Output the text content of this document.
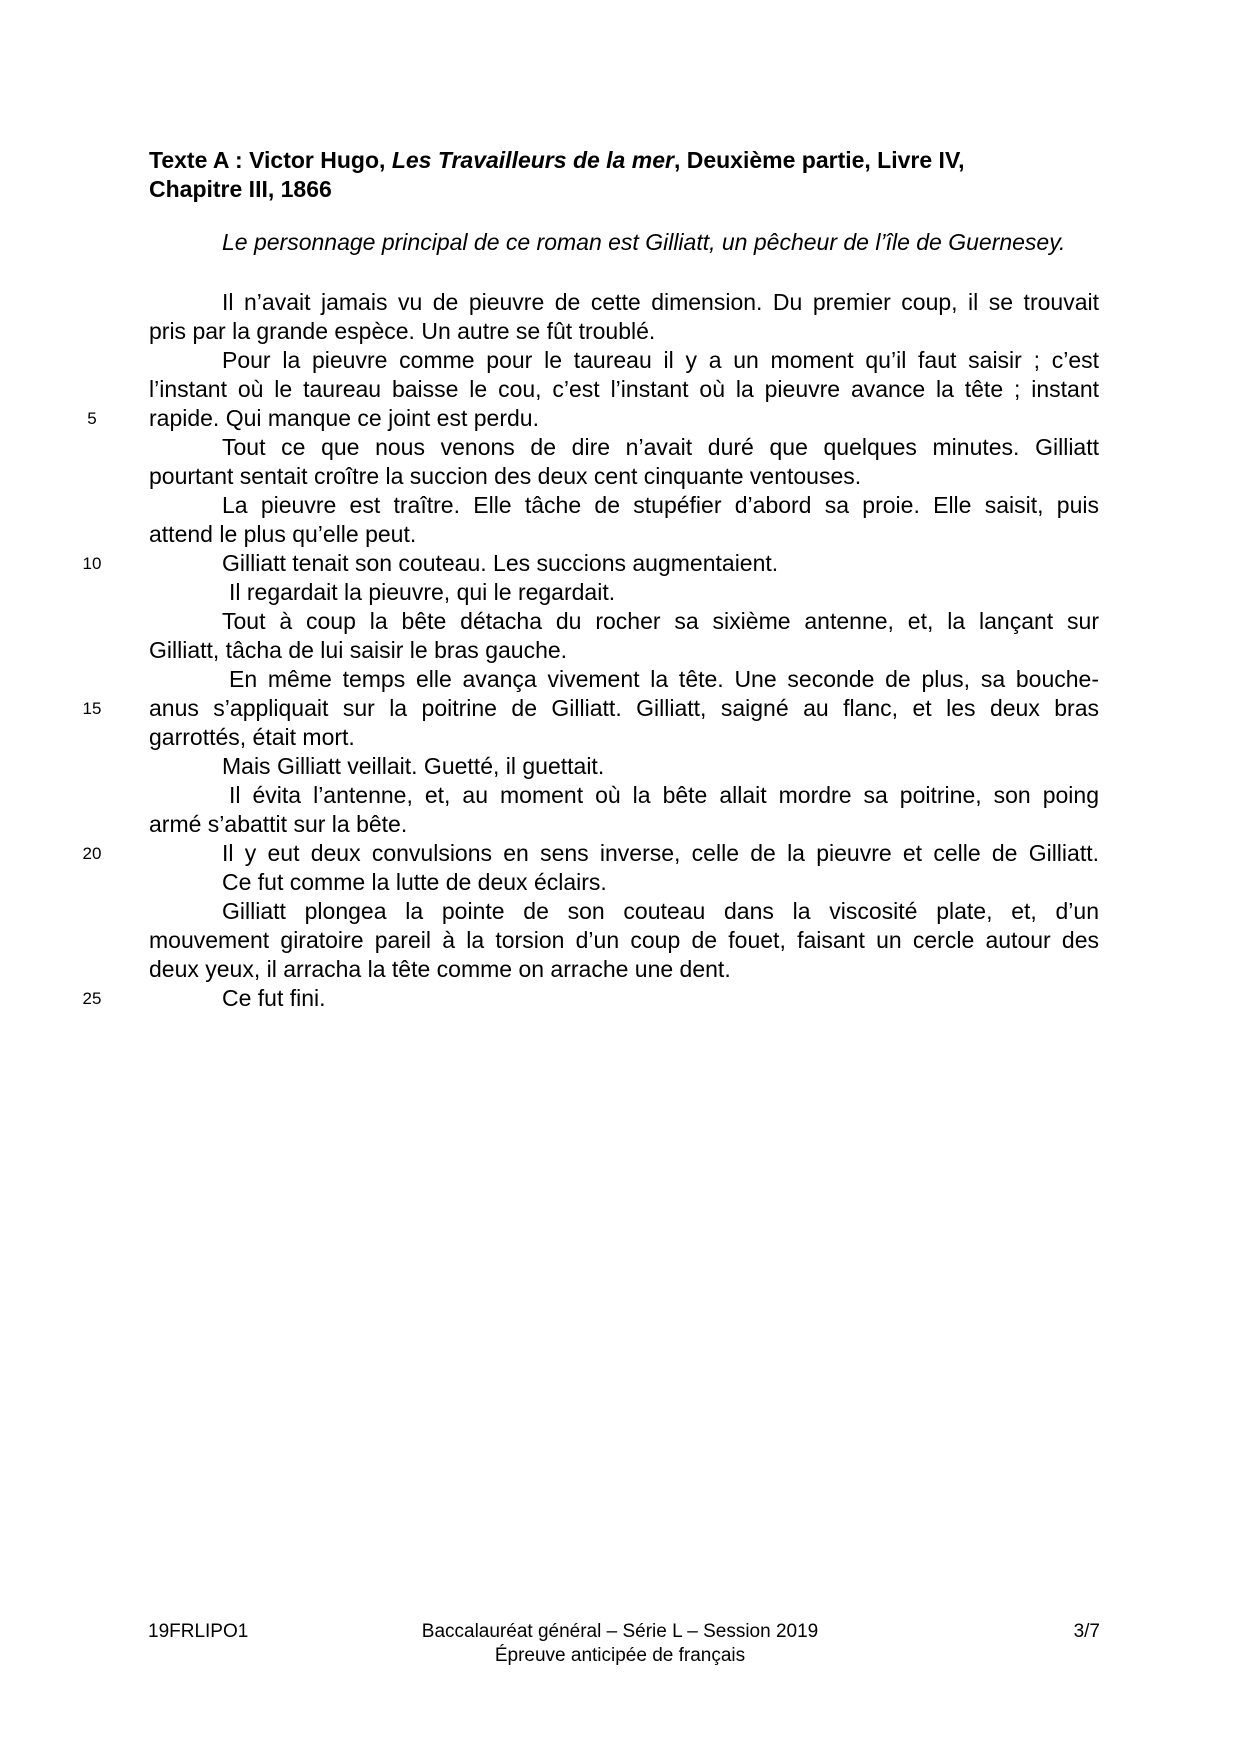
Texte A : Victor Hugo, Les Travailleurs de la mer, Deuxième partie, Livre IV,
Chapitre III, 1866
Le personnage principal de ce roman est Gilliatt, un pêcheur de l’île de Guernesey.
Il n’avait jamais vu de pieuvre de cette dimension. Du premier coup, il se trouvait
pris par la grande espèce. Un autre se fût troublé.
Pour la pieuvre comme pour le taureau il y a un moment qu’il faut saisir ; c’est
l’instant où le taureau baisse le cou, c’est l’instant où la pieuvre avance la tête ; instant
rapide. Qui manque ce joint est perdu.
Tout ce que nous venons de dire n’avait duré que quelques minutes. Gilliatt
pourtant sentait croître la succion des deux cent cinquante ventouses.
La pieuvre est traître. Elle tâche de stupéfier d’abord sa proie. Elle saisit, puis
attend le plus qu’elle peut.
Gilliatt tenait son couteau. Les succions augmentaient.
Il regardait la pieuvre, qui le regardait.
Tout à coup la bête détacha du rocher sa sixième antenne, et, la lançant sur
Gilliatt, tâcha de lui saisir le bras gauche.
En même temps elle avança vivement la tête. Une seconde de plus, sa bouche-
anus s’appliquait sur la poitrine de Gilliatt. Gilliatt, saigné au flanc, et les deux bras
garrottés, était mort.
Mais Gilliatt veillait. Guetté, il guettait.
Il évita l’antenne, et, au moment où la bête allait mordre sa poitrine, son poing
armé s’abattit sur la bête.
Il y eut deux convulsions en sens inverse, celle de la pieuvre et celle de Gilliatt.
Ce fut comme la lutte de deux éclairs.
Gilliatt plongea la pointe de son couteau dans la viscosité plate, et, d’un
mouvement giratoire pareil à la torsion d’un coup de fouet, faisant un cercle autour des
deux yeux, il arracha la tête comme on arrache une dent.
Ce fut fini.
5
10
15
20
25
19FRLIPO1	Baccalauréat général – Série L – Session 2019
Épreuve anticipée de français
3/7
